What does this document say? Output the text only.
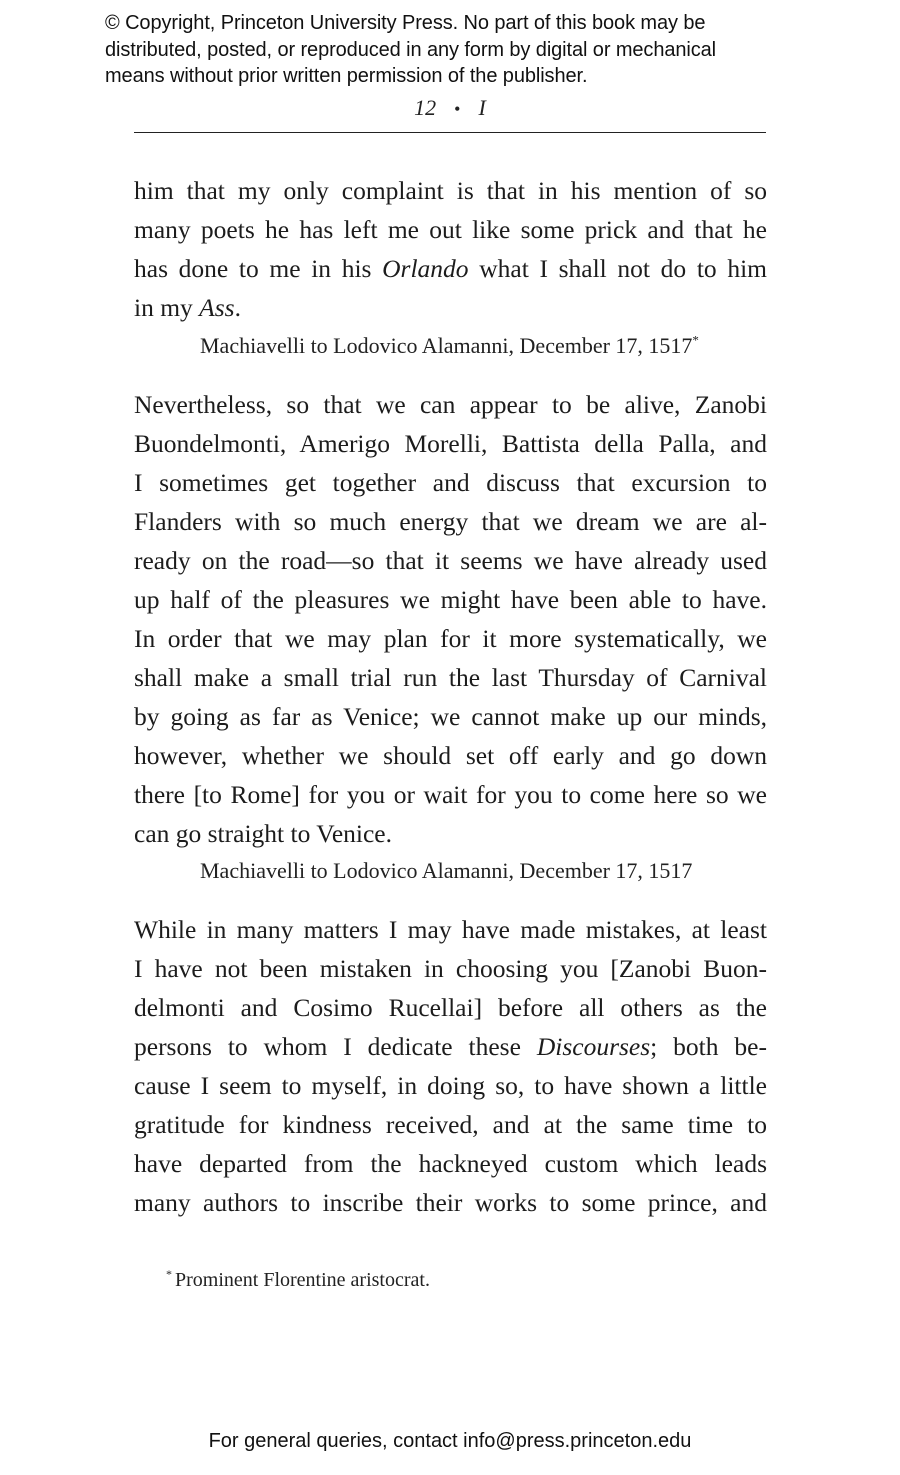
© Copyright, Princeton University Press. No part of this book may be
distributed, posted, or reproduced in any form by digital or mechanical
means without prior written permission of the publisher.
12 • I
him that my only complaint is that in his mention of so
many poets he has left me out like some prick and that he
has done to me in his Orlando what I shall not do to him
in my Ass.
Machiavelli to Lodovico Alamanni, December 17, 1517*
Nevertheless, so that we can appear to be alive, Zanobi
Buondelmonti, Amerigo Morelli, Battista della Palla, and
I sometimes get together and discuss that excursion to
Flanders with so much energy that we dream we are al-
ready on the road—so that it seems we have already used
up half of the pleasures we might have been able to have.
In order that we may plan for it more systematically, we
shall make a small trial run the last Thursday of Carnival
by going as far as Venice; we cannot make up our minds,
however, whether we should set off early and go down
there [to Rome] for you or wait for you to come here so we
can go straight to Venice.
Machiavelli to Lodovico Alamanni, December 17, 1517
While in many matters I may have made mistakes, at least
I have not been mistaken in choosing you [Zanobi Buon-
delmonti and Cosimo Rucellai] before all others as the
persons to whom I dedicate these Discourses; both be-
cause I seem to myself, in doing so, to have shown a little
gratitude for kindness received, and at the same time to
have departed from the hackneyed custom which leads
many authors to inscribe their works to some prince, and
* Prominent Florentine aristocrat.
For general queries, contact info@press.princeton.edu
